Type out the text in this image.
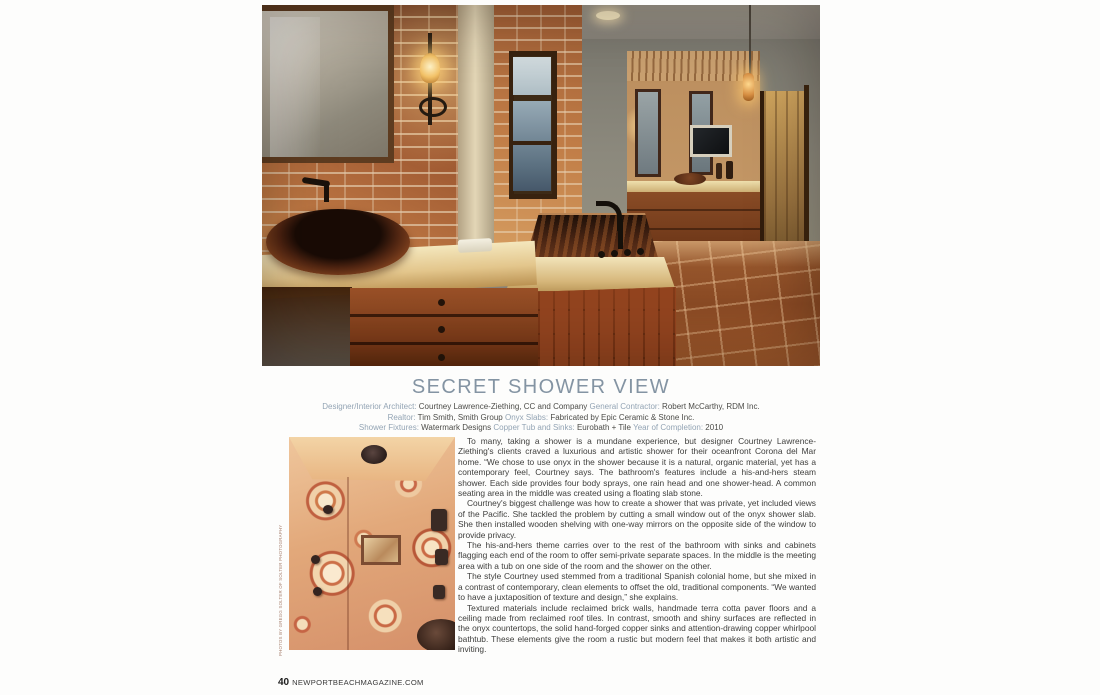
SECRET SHOWER VIEW
Designer/Interior Architect: Courtney Lawrence-Ziething, CC and Company General Contractor: Robert McCarthy, RDM Inc.
Realtor: Tim Smith, Smith Group Onyx Slabs: Fabricated by Epic Ceramic & Stone Inc.
Shower Fixtures: Watermark Designs Copper Tub and Sinks: Eurobath + Tile Year of Completion: 2010
PHOTOS BY GREGG SOLTER OF SOLTER PHOTOGRAPHY

To many, taking a shower is a mundane experience, but designer Courtney Lawrence-Ziething's clients craved a luxurious and artistic shower for their oceanfront Corona del Mar home. “We chose to use onyx in the shower because it is a natural, organic material, yet has a contemporary feel, Courtney says. The bathroom's features include a his-and-hers steam shower. Each side provides four body sprays, one rain head and one shower-head. A common seating area in the middle was created using a floating slab stone.

Courtney's biggest challenge was how to create a shower that was private, yet included views of the Pacific. She tackled the problem by cutting a small window out of the onyx shower slab. She then installed wooden shelving with one-way mirrors on the opposite side of the window to provide privacy.

The his-and-hers theme carries over to the rest of the bathroom with sinks and cabinets flagging each end of the room to offer semi-private separate spaces. In the middle is the meeting area with a tub on one side of the room and the shower on the other.

The style Courtney used stemmed from a traditional Spanish colonial home, but she mixed in a contrast of contemporary, clean elements to offset the old, traditional components. “We wanted to have a juxtaposition of texture and design,” she explains.

Textured materials include reclaimed brick walls, handmade terra cotta paver floors and a ceiling made from reclaimed roof tiles. In contrast, smooth and shiny surfaces are reflected in the onyx countertops, the solid hand-forged copper sinks and attention-drawing copper whirlpool bathtub. These elements give the room a rustic but modern feel that makes it both artistic and inviting.

40 NEWPORTBEACHMAGAZINE.COM
